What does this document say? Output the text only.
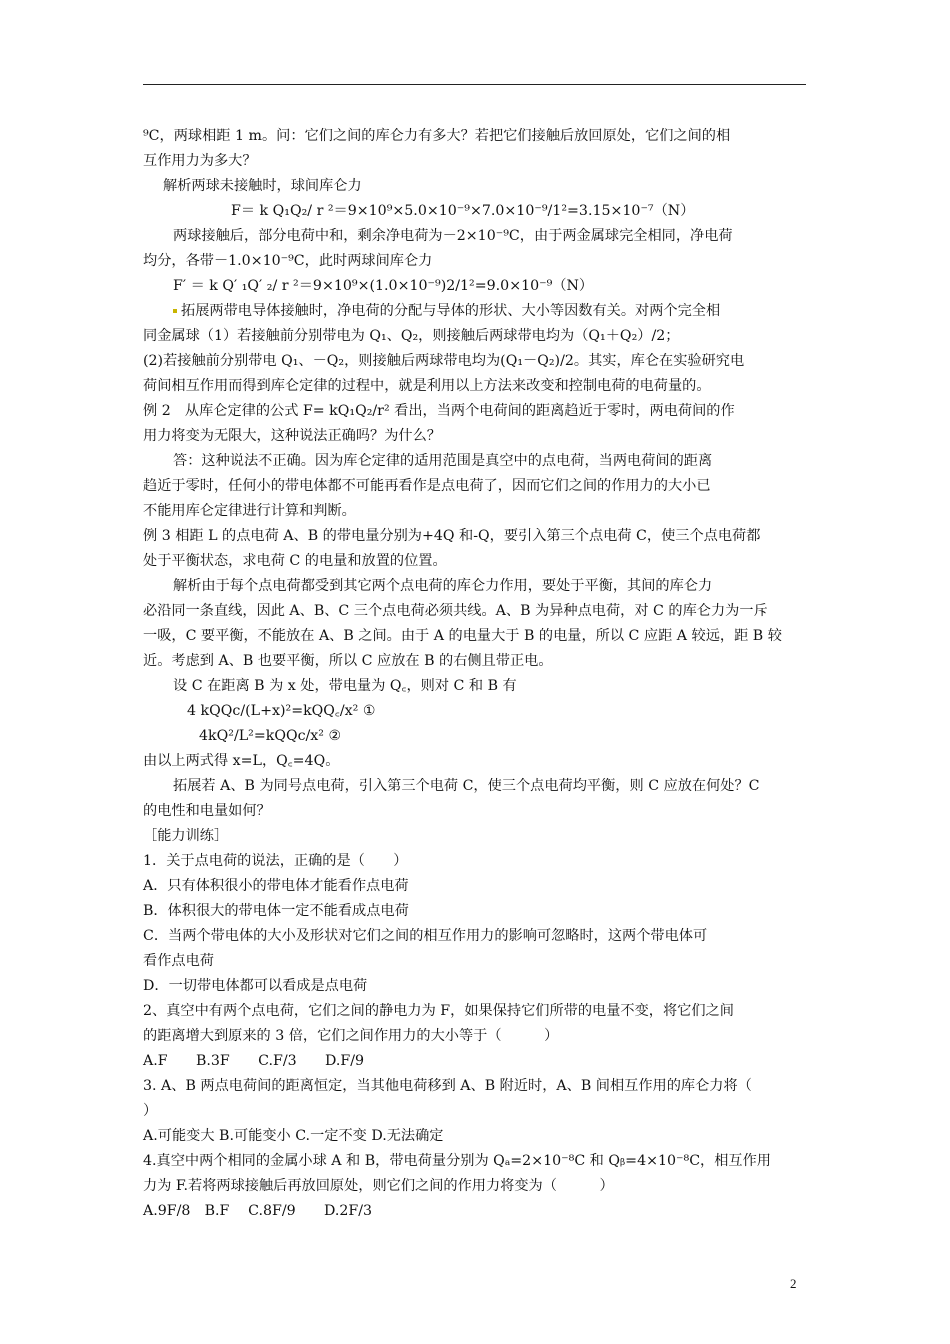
⁹C，两球相距 1 m。问：它们之间的库仑力有多大？若把它们接触后放回原处，它们之间的相
互作用力为多大？
解析两球未接触时，球间库仑力
F＝ k Q₁Q₂/ r ²＝9×10⁹×5.0×10⁻⁹×7.0×10⁻⁹/1²=3.15×10⁻⁷（N）
两球接触后，部分电荷中和，剩余净电荷为－2×10⁻⁹C，由于两金属球完全相同，净电荷
均分，各带－1.0×10⁻⁹C，此时两球间库仑力
F′ ＝ k Q′ ₁Q′ ₂/ r ²＝9×10⁹×(1.0×10⁻⁹)2/1²=9.0×10⁻⁹（N）
拓展两带电导体接触时，净电荷的分配与导体的形状、大小等因数有关。对两个完全相
同金属球（1）若接触前分别带电为 Q₁、Q₂，则接触后两球带电均为（Q₁＋Q₂）/2；
(2)若接触前分别带电 Q₁、－Q₂，则接触后两球带电均为(Q₁－Q₂)/2。其实，库仑在实验研究电
荷间相互作用而得到库仑定律的过程中，就是利用以上方法来改变和控制电荷的电荷量的。
例 2　从库仑定律的公式 F= kQ₁Q₂/r² 看出，当两个电荷间的距离趋近于零时，两电荷间的作
用力将变为无限大，这种说法正确吗？为什么？
答：这种说法不正确。因为库仑定律的适用范围是真空中的点电荷，当两电荷间的距离
趋近于零时，任何小的带电体都不可能再看作是点电荷了，因而它们之间的作用力的大小已
不能用库仑定律进行计算和判断。
例 3 相距 L 的点电荷 A、B 的带电量分别为+4Q 和-Q，要引入第三个点电荷 C，使三个点电荷都
处于平衡状态，求电荷 C 的电量和放置的位置。
解析由于每个点电荷都受到其它两个点电荷的库仑力作用，要处于平衡，其间的库仑力
必沿同一条直线，因此 A、B、C 三个点电荷必须共线。A、B 为异种点电荷，对 C 的库仑力为一斥
一吸，C 要平衡，不能放在 A、B 之间。由于 A 的电量大于 B 的电量，所以 C 应距 A 较远，距 B 较
近。考虑到 A、B 也要平衡，所以 C 应放在 B 的右侧且带正电。
设 C 在距离 B 为 x 处，带电量为 Q꜀，则对 C 和 B 有
4 kQQc/(L+x)²=kQQ꜀/x² ①
4kQ²/L²=kQQc/x² ②
由以上两式得 x=L，Q꜀=4Q。
拓展若 A、B 为同号点电荷，引入第三个电荷 C，使三个点电荷均平衡，则 C 应放在何处？C
的电性和电量如何？
［能力训练］
1．关于点电荷的说法，正确的是（　　）
A．只有体积很小的带电体才能看作点电荷
B．体积很大的带电体一定不能看成点电荷
C．当两个带电体的大小及形状对它们之间的相互作用力的影响可忽略时，这两个带电体可
看作点电荷
D．一切带电体都可以看成是点电荷
2、真空中有两个点电荷，它们之间的静电力为 F，如果保持它们所带的电量不变，将它们之间
的距离增大到原来的 3 倍，它们之间作用力的大小等于（　　　）
A.F　　B.3F　　C.F/3　　D.F/9
3. A、B 两点电荷间的距离恒定，当其他电荷移到 A、B 附近时，A、B 间相互作用的库仑力将（
）
A.可能变大 B.可能变小 C.一定不变 D.无法确定
4.真空中两个相同的金属小球 A 和 B，带电荷量分别为 Qₐ=2×10⁻⁸C 和 Qᵦ=4×10⁻⁸C，相互作用
力为 F.若将两球接触后再放回原处，则它们之间的作用力将变为（　　　）
A.9F/8　B.F　 C.8F/9　　D.2F/3
2
